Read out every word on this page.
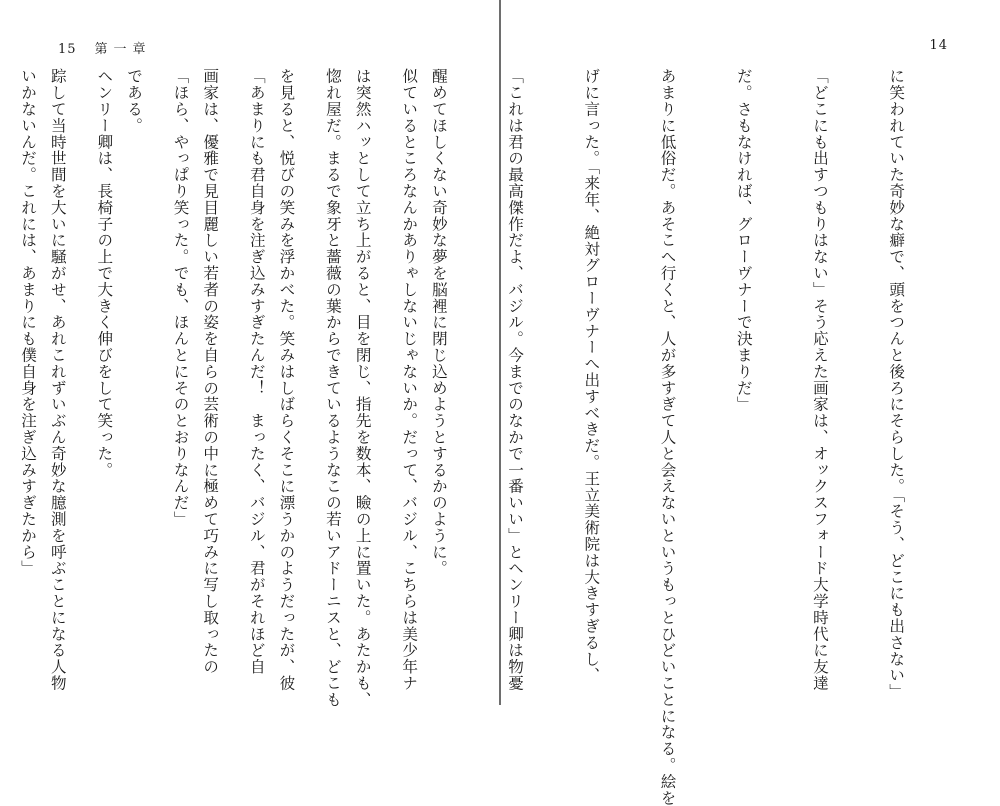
15 第一章

似ているところなんかありゃしないじゃないか。だって、バジル、こちらは美少年ナ

惚れ屋だ。まるで象牙と薔薇の葉からできているようなこの若いアドーニスと、どこも

「あまりにも君自身を注ぎ込みすぎたんだ！　まったく、バジル、君がそれほど自

「ほら、やっぱり笑った。でも、ほんとにそのとおりなんだ」

ヘンリー卿は、長椅子の上で大きく伸びをして笑った。

いかないんだ。これには、あまりにも僕自身を注ぎ込みすぎたから」

14

に笑われていた奇妙な癖で、頭をつんと後ろにそらした。「そう、どこにも出さない」

「どこにも出すつもりはない」そう応えた画家は、オックスフォード大学時代に友達

だ。さもなければ、グローヴナーで決まりだ」

あまりに低俗だ。あそこへ行くと、人が多すぎて人と会えないというもっとひどいことになる。絵を

げに言った。「来年、絶対グローヴナーへ出すべきだ。王立美術院は大きすぎるし、

「これは君の最高傑作だよ、バジル。今までのなかで一番いい」とヘンリー卿は物憂

醒めてほしくない奇妙な夢を脳裡に閉じ込めようとするかのように。

は突然ハッとして立ち上がると、目を閉じ、指先を数本、瞼の上に置いた。あたかも、

を見ると、悦びの笑みを浮かべた。笑みはしばらくそこに漂うかのようだったが、彼

画家は、優雅で見目麗しい若者の姿を自らの芸術の中に極めて巧みに写し取ったの

である。

踪して当時世間を大いに騒がせ、あれこれずいぶん奇妙な臆測を呼ぶことになる人物
